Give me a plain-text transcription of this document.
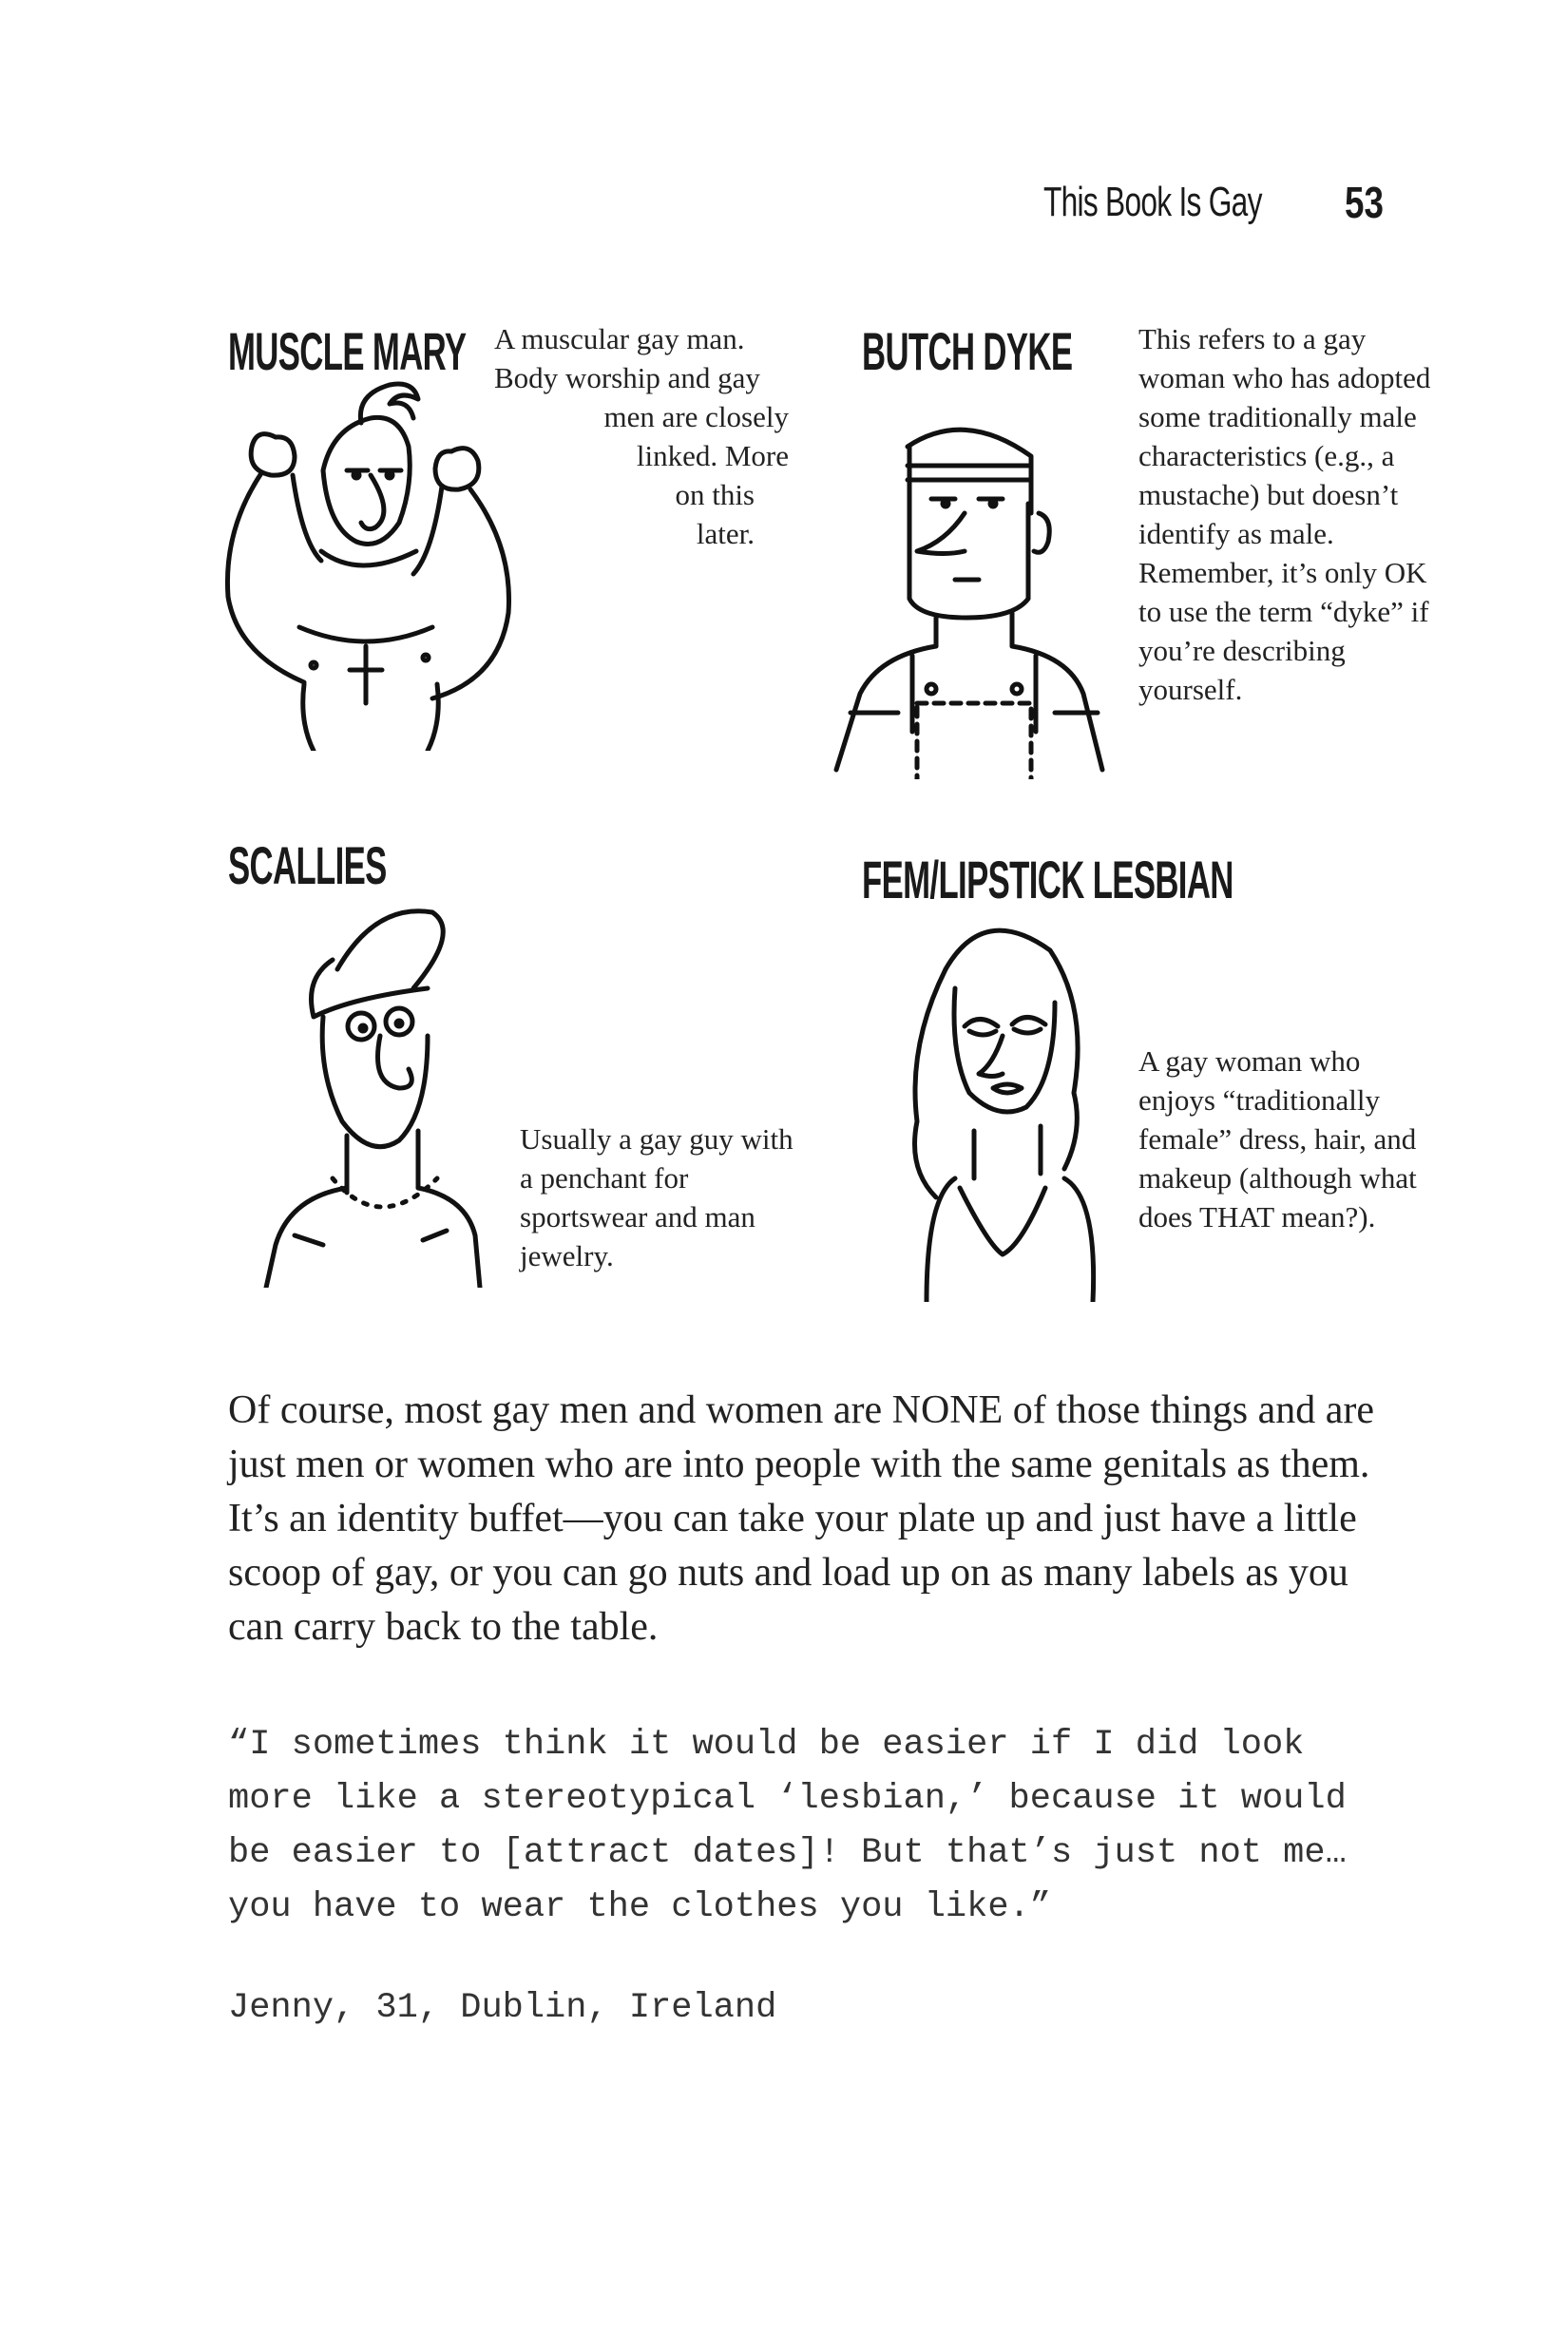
This Book Is Gay 53
MUSCLE MARY A muscular gay man.
Body worship and gay
men are closely
linked. More
on this
later.
BUTCH DYKE This refers to a gay woman who has adopted some traditionally male characteristics (e.g., a mustache) but doesn’t identify as male. Remember, it’s only OK to use the term “dyke” if you’re describing yourself.
SCALLIES
Usually a gay guy with a penchant for sportswear and man jewelry.
FEM/LIPSTICK LESBIAN
A gay woman who enjoys “traditionally female” dress, hair, and makeup (although what does THAT mean?).
Of course, most gay men and women are NONE of those things and are just men or women who are into people with the same genitals as them. It’s an identity buffet—you can take your plate up and just have a little scoop of gay, or you can go nuts and load up on as many labels as you can carry back to the table.
“I sometimes think it would be easier if I did look more like a stereotypical ‘lesbian,’ because it would be easier to [attract dates]! But that’s just not me…you have to wear the clothes you like.”
Jenny, 31, Dublin, Ireland
